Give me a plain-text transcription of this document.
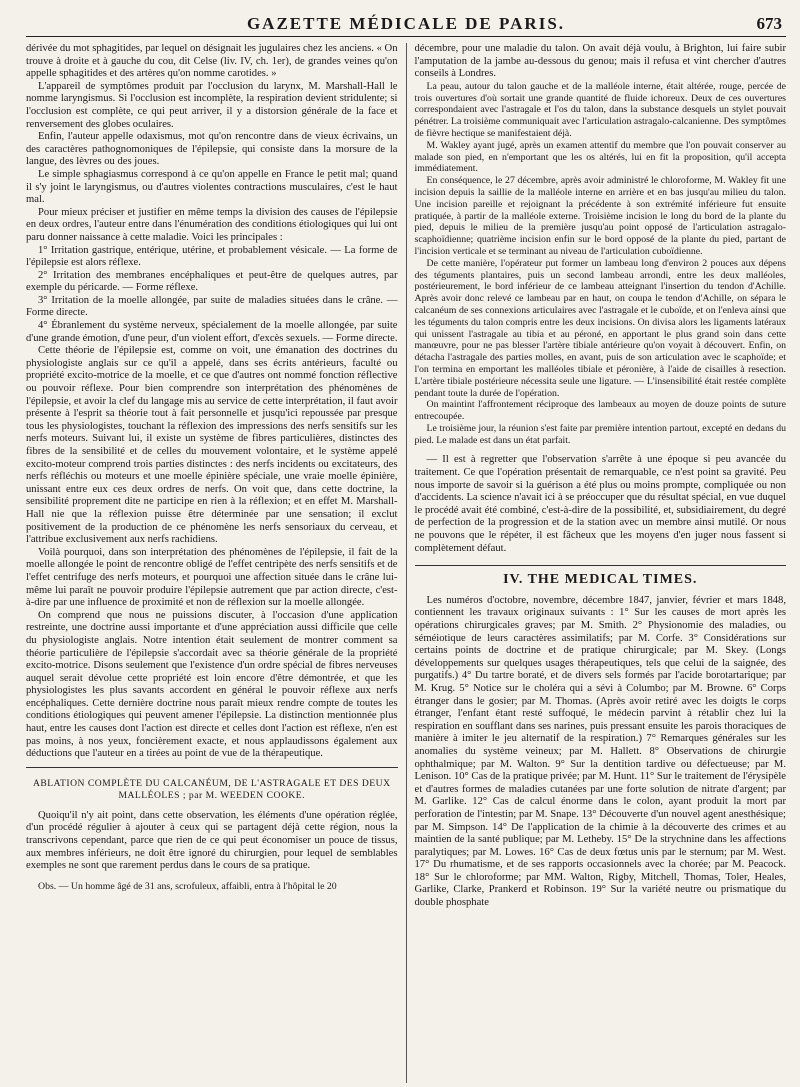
GAZETTE MÉDICALE DE PARIS.	673

dérivée du mot sphagitides, par lequel on désignait les jugulaires chez les anciens. « On trouve à droite et à gauche du cou, dit Celse (liv. IV, ch. 1er), de grandes veines qu'on appelle sphagitides et des artères qu'on nomme carotides. »

L'appareil de symptômes produit par l'occlusion du larynx, M. Marshall-Hall le nomme laryngismus. Si l'occlusion est incomplète, la respiration devient stridulente; si l'occlusion est complète, ce qui peut arriver, il y a distorsion générale de la face et renversement des globes oculaires.

Enfin, l'auteur appelle odaxismus, mot qu'on rencontre dans de vieux écrivains, un des caractères pathognomoniques de l'épilepsie, qui consiste dans la morsure de la langue, des lèvres ou des joues.

Le simple sphagiasmus correspond à ce qu'on appelle en France le petit mal; quand il s'y joint le laryngismus, ou d'autres violentes contractions musculaires, c'est le haut mal.

Pour mieux préciser et justifier en même temps la division des causes de l'épilepsie en deux ordres, l'auteur entre dans l'énumération des conditions étiologiques qui lui ont paru donner naissance à cette maladie. Voici les principales :

1° Irritation gastrique, entérique, utérine, et probablement vésicale. — La forme de l'épilepsie est alors réflexe.

2° Irritation des membranes encéphaliques et peut-être de quelques autres, par exemple du péricarde. — Forme réflexe.

3° Irritation de la moelle allongée, par suite de maladies situées dans le crâne. — Forme directe.

4° Ébranlement du système nerveux, spécialement de la moelle allongée, par suite d'une grande émotion, d'une peur, d'un violent effort, d'excès sexuels. — Forme directe.

Cette théorie de l'épilepsie est, comme on voit, une émanation des doctrines du physiologiste anglais sur ce qu'il a appelé, dans ses écrits antérieurs, faculté ou propriété excito-motrice de la moelle, et ce que d'autres ont nommé fonction réflective ou pouvoir réflexe. Pour bien comprendre son interprétation des phénomènes de l'épilepsie, et avoir la clef du langage mis au service de cette interprétation, il faut avoir présente à l'esprit sa théorie tout à fait personnelle et jusqu'ici repoussée par presque tous les physiologistes, touchant la réflexion des impressions des nerfs sensitifs sur les nerfs moteurs. Suivant lui, il existe un système de fibres particulières, distinctes des fibres de la sensibilité et de celles du mouvement volontaire, et le système appelé excito-moteur comprend trois parties distinctes : des nerfs incidents ou excitateurs, des nerfs réfléchis ou moteurs et une moelle épinière spéciale, une vraie moelle épinière, unissant entre eux ces deux ordres de nerfs. On voit que, dans cette doctrine, la sensibilité proprement dite ne participe en rien à la réflexion; et en effet M. Marshall-Hall nie que la réflexion puisse être déterminée par une sensation; il exclut positivement de la production de ce phénomène les nerfs sensoriaux du cerveau, et l'attribue exclusivement aux nerfs rachidiens.

Voilà pourquoi, dans son interprétation des phénomènes de l'épilepsie, il fait de la moelle allongée le point de rencontre obligé de l'effet centripète des nerfs sensitifs et de l'effet centrifuge des nerfs moteurs, et pourquoi une affection située dans le crâne lui-même lui paraît ne pouvoir produire l'épilepsie autrement que par action directe, c'est-à-dire par une influence de proximité et non de réflexion sur la moelle allongée.

On comprend que nous ne puissions discuter, à l'occasion d'une application restreinte, une doctrine aussi importante et d'une appréciation aussi difficile que celle du physiologiste anglais. Notre intention était seulement de montrer comment sa théorie particulière de l'épilepsie s'accordait avec sa théorie générale de la propriété excito-motrice. Disons seulement que l'existence d'un ordre spécial de fibres nerveuses auquel serait dévolue cette propriété est loin encore d'être démontrée, et que les physiologistes les plus savants accordent en général le pouvoir réflexe aux nerfs encéphaliques. Cette dernière doctrine nous paraît mieux rendre compte de toutes les conditions étiologiques qui peuvent amener l'épilepsie. La distinction mentionnée plus haut, entre les causes dont l'action est directe et celles dont l'action est réflexe, n'en est pas moins, à nos yeux, foncièrement exacte, et nous applaudissons également aux déductions que l'auteur en a tirées au point de vue de la thérapeutique.

ABLATION COMPLÈTE DU CALCANÉUM, DE L'ASTRAGALE ET DES DEUX MALLÉOLES ; par M. WEEDEN COOKE.

Quoiqu'il n'y ait point, dans cette observation, les éléments d'une opération réglée, d'un procédé régulier à ajouter à ceux qui se partagent déjà cette région, nous la transcrivons cependant, parce que rien de ce qui peut économiser un pouce de tissus, aux membres inférieurs, ne doit être ignoré du chirurgien, pour lequel de semblables exemples ne sont que rarement perdus dans le cours de sa pratique.

Obs. — Un homme âgé de 31 ans, scrofuleux, affaibli, entra à l'hôpital le 20

décembre, pour une maladie du talon. On avait déjà voulu, à Brighton, lui faire subir l'amputation de la jambe au-dessous du genou; mais il refusa et vint chercher d'autres conseils à Londres.

La peau, autour du talon gauche et de la malléole interne, était altérée, rouge, percée de trois ouvertures d'où sortait une grande quantité de fluide ichoreux. Deux de ces ouvertures correspondaient avec l'astragale et l'os du talon, dans la substance desquels un stylet pouvait pénétrer. La troisième communiquait avec l'articulation astragalo-calcanienne. Des symptômes de fièvre hectique se manifestaient déjà.

M. Wakley ayant jugé, après un examen attentif du membre que l'on pouvait conserver au malade son pied, en n'emportant que les os altérés, lui en fit la proposition, qu'il accepta immédiatement.

En conséquence, le 27 décembre, après avoir administré le chloroforme, M. Wakley fit une incision depuis la saillie de la malléole interne en arrière et en bas jusqu'au milieu du talon. Une incision pareille et rejoignant la précédente à son extrémité inférieure fut ensuite pratiquée, à partir de la malléole externe. Troisième incision le long du bord de la plante du pied, depuis le milieu de la première jusqu'au point opposé de l'articulation astragalo-scaphoïdienne; quatrième incision enfin sur le bord opposé de la plante du pied, partant de l'incision verticale et se terminant au niveau de l'articulation cuboïdienne.

De cette manière, l'opérateur put former un lambeau long d'environ 2 pouces aux dépens des téguments plantaires, puis un second lambeau arrondi, entre les deux malléoles, postérieurement, le bord inférieur de ce lambeau atteignant l'insertion du tendon d'Achille. Après avoir donc relevé ce lambeau par en haut, on coupa le tendon d'Achille, on sépara le calcanéum de ses connexions articulaires avec l'astragale et le cuboïde, et on l'enleva ainsi que les téguments du talon compris entre les deux incisions. On divisa alors les ligaments latéraux qui unissent l'astragale au tibia et au péroné, en apportant le plus grand soin dans cette manœuvre, pour ne pas blesser l'artère tibiale antérieure qu'on voyait à découvert. Enfin, on détacha l'astragale des parties molles, en avant, puis de son articulation avec le scaphoïde; et l'on termina en emportant les malléoles tibiale et péronière, à l'aide de cisailles à resection. L'artère tibiale postérieure nécessita seule une ligature. — L'insensibilité était restée complète pendant toute la durée de l'opération.

On maintint l'affrontement réciproque des lambeaux au moyen de douze points de suture entrecoupée.

Le troisième jour, la réunion s'est faite par première intention partout, excepté en dedans du pied. Le malade est dans un état parfait.

— Il est à regretter que l'observation s'arrête à une époque si peu avancée du traitement. Ce que l'opération présentait de remarquable, ce n'est point sa gravité. Peu nous importe de savoir si la guérison a été plus ou moins prompte, compliquée ou non d'accidents. La science n'avait ici à se préoccuper que du résultat spécial, en vue duquel le procédé avait été combiné, c'est-à-dire de la possibilité, et, subsidiairement, du degré de perfection de la progression et de la station avec un membre ainsi mutilé. Or nous ne pouvons que le répéter, il est fâcheux que les moyens d'en juger nous fassent si complètement défaut.

IV. THE MEDICAL TIMES.

Les numéros d'octobre, novembre, décembre 1847, janvier, février et mars 1848, contiennent les travaux originaux suivants : 1° Sur les causes de mort après les opérations chirurgicales graves; par M. Smith. 2° Physionomie des maladies, ou séméiotique de leurs caractères assimilatifs; par M. Corfe. 3° Considérations sur certains points de doctrine et de pratique chirurgicale; par M. Skey. (Longs développements sur quelques usages thérapeutiques, tels que celui de la saignée, des purgatifs.) 4° Du tartre boraté, et de divers sels formés par l'acide borotartarique; par M. Krug. 5° Notice sur le choléra qui a sévi à Columbo; par M. Browne. 6° Corps étranger dans le gosier; par M. Thomas. (Après avoir retiré avec les doigts le corps étranger, l'enfant étant resté suffoqué, le médecin parvint à rétablir chez lui la respiration en soufflant dans ses narines, puis pressant ensuite les parois thoraciques de manière à imiter le jeu alternatif de la respiration.) 7° Remarques générales sur les anomalies du système veineux; par M. Hallett. 8° Observations de chirurgie ophthalmique; par M. Walton. 9° Sur la dentition tardive ou défectueuse; par M. Lenison. 10° Cas de la pratique privée; par M. Hunt. 11° Sur le traitement de l'érysipèle et d'autres formes de maladies cutanées par une forte solution de nitrate d'argent; par M. Garlike. 12° Cas de calcul énorme dans le colon, ayant produit la mort par perforation de l'intestin; par M. Snape. 13° Découverte d'un nouvel agent anesthésique; par M. Simpson. 14° De l'application de la chimie à la découverte des crimes et au maintien de la santé publique; par M. Letheby. 15° De la strychnine dans les affections paralytiques; par M. Lowes. 16° Cas de deux fœtus unis par le sternum; par M. West. 17° Du rhumatisme, et de ses rapports occasionnels avec la chorée; par M. Peacock. 18° Sur le chloroforme; par MM. Walton, Rigby, Mitchell, Thomas, Toler, Heales, Garlike, Clarke, Prankerd et Robinson. 19° Sur la variété neutre ou prismatique du double phosphate
